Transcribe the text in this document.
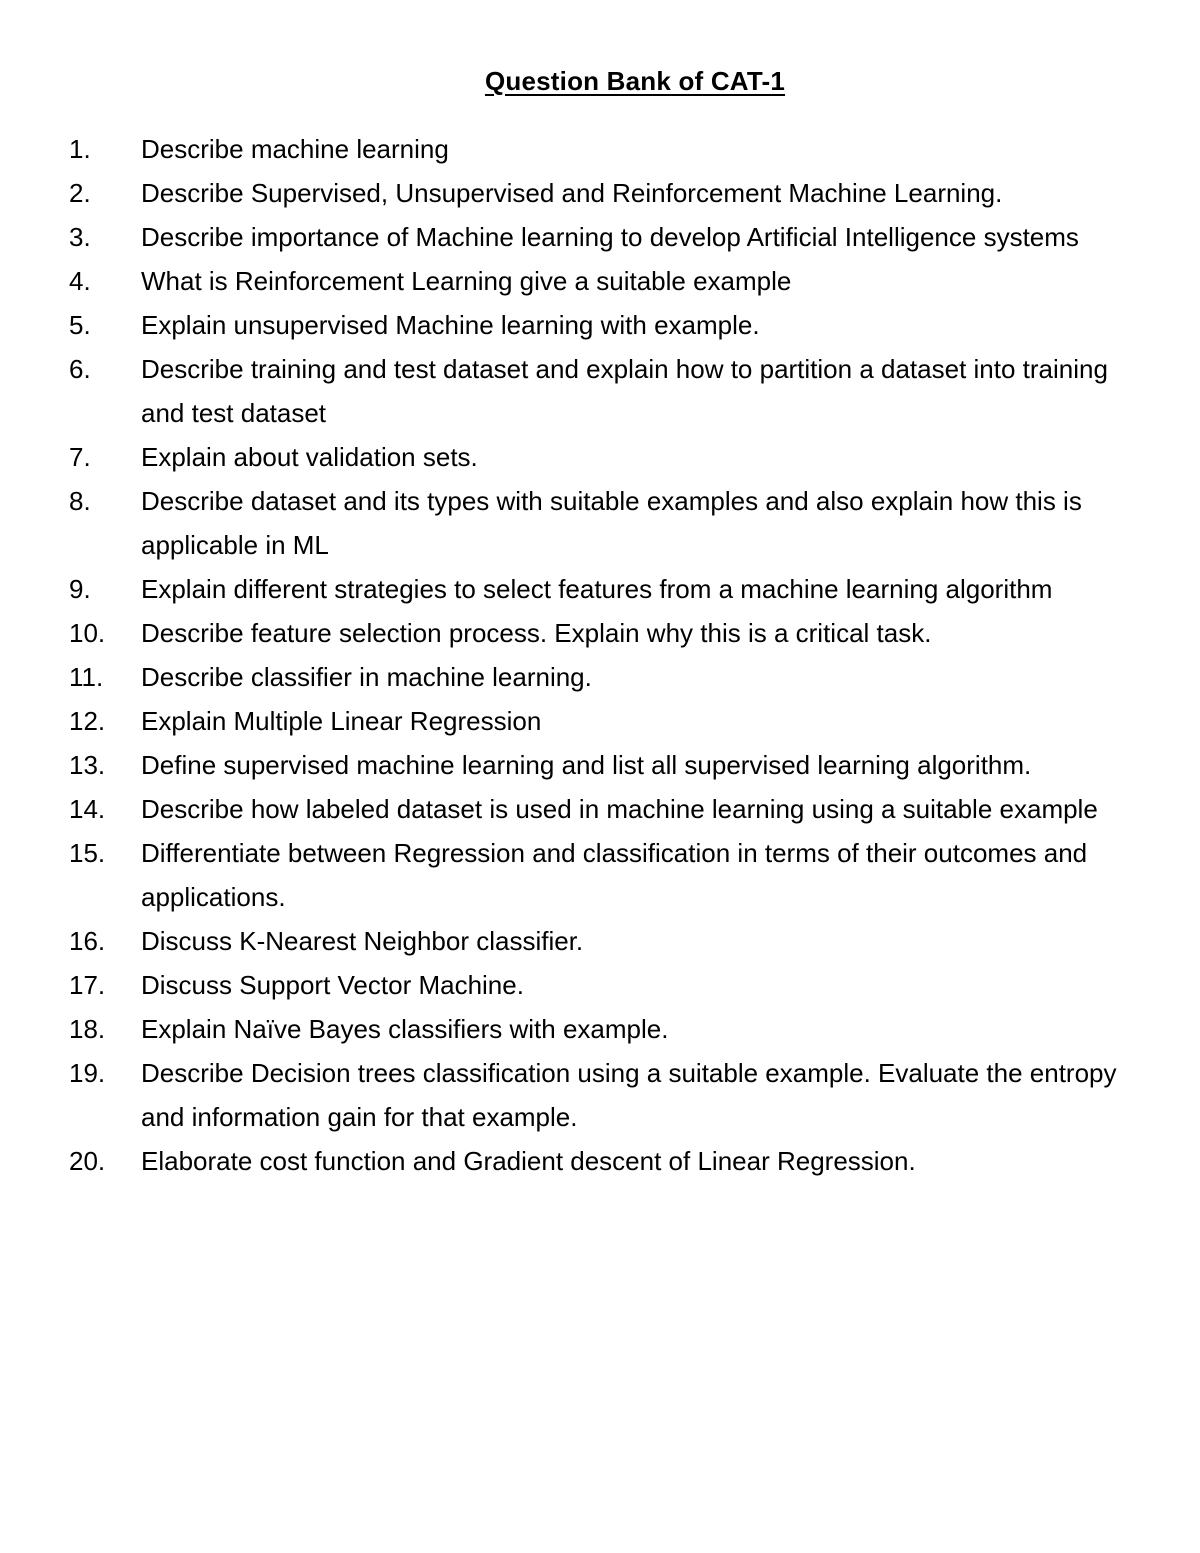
Question Bank of CAT-1

1. Describe machine learning

2. Describe Supervised, Unsupervised and Reinforcement Machine Learning.

3. Describe importance of Machine learning to develop Artificial Intelligence systems

4. What is Reinforcement Learning give a suitable example

5. Explain unsupervised Machine learning with example.

6. Describe training and test dataset and explain how to partition a dataset into training and test dataset

7. Explain about validation sets.

8. Describe dataset and its types with suitable examples and also explain how this is applicable in ML

9. Explain different strategies to select features from a machine learning algorithm

10. Describe feature selection process. Explain why this is a critical task.

11. Describe classifier in machine learning.

12. Explain Multiple Linear Regression

13. Define supervised machine learning and list all supervised learning algorithm.

14. Describe how labeled dataset is used in machine learning using a suitable example

15. Differentiate between Regression and classification in terms of their outcomes and applications.

16. Discuss K-Nearest Neighbor classifier.

17. Discuss Support Vector Machine.

18. Explain Naïve Bayes classifiers with example.

19. Describe Decision trees classification using a suitable example. Evaluate the entropy and information gain for that example.

20. Elaborate cost function and Gradient descent of Linear Regression.
